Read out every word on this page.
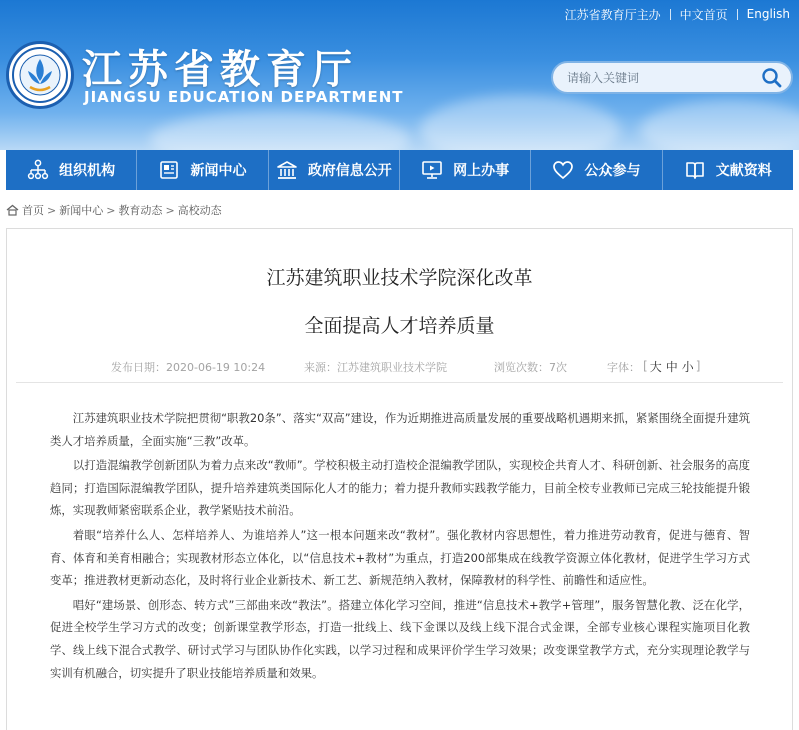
江苏省教育厅主办	中文首页	English
江苏省教育厅
JIANGSU EDUCATION DEPARTMENT
请输入关键词
组织机构	新闻中心	政府信息公开	网上办事	公众参与	文献资料
首页 > 新闻中心 > 教育动态 > 高校动态
江苏建筑职业技术学院深化改革
全面提高人才培养质量
发布日期：2020-06-19 10:24	来源：江苏建筑职业技术学院	浏览次数：7次	字体： [ 大 中 小 ]

江苏建筑职业技术学院把贯彻“职教20条”、落实“双高”建设，作为近期推进高质量发展的重要战略机遇期来抓，紧紧围绕全面提升建筑类人才培养质量，全面实施“三教”改革。

以打造混编教学创新团队为着力点来改“教师”。学校积极主动打造校企混编教学团队，实现校企共育人才、科研创新、社会服务的高度趋同；打造国际混编教学团队，提升培养建筑类国际化人才的能力；着力提升教师实践教学能力，目前全校专业教师已完成三轮技能提升锻炼，实现教师紧密联系企业，教学紧贴技术前沿。

着眼“培养什么人、怎样培养人、为谁培养人”这一根本问题来改“教材”。强化教材内容思想性，着力推进劳动教育，促进与德育、智育、体育和美育相融合；实现教材形态立体化，以“信息技术+教材”为重点，打造200部集成在线教学资源立体化教材，促进学生学习方式变革；推进教材更新动态化，及时将行业企业新技术、新工艺、新规范纳入教材，保障教材的科学性、前瞻性和适应性。

唱好“建场景、创形态、转方式”三部曲来改“教法”。搭建立体化学习空间，推进“信息技术+教学+管理”，服务智慧化教、泛在化学，促进全校学生学习方式的改变；创新课堂教学形态，打造一批线上、线下金课以及线上线下混合式金课，全部专业核心课程实施项目化教学、线上线下混合式教学、研讨式学习与团队协作化实践，以学习过程和成果评价学生学习效果；改变课堂教学方式，充分实现理论教学与实训有机融合，切实提升了职业技能培养质量和效果。
